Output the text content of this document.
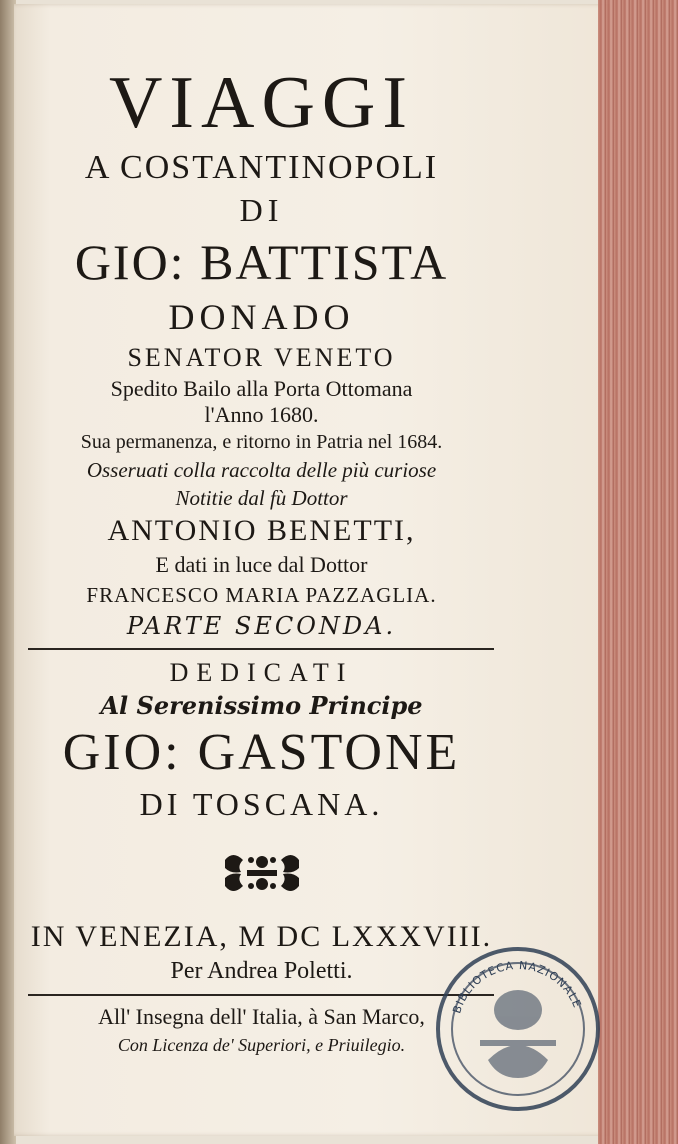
VIAGGI
A COSTANTINOPOLI
DI
GIO: BATTISTA
DONADO
SENATOR VENETO
Spedito Bailo alla Porta Ottomana
l'Anno 1680.
Sua permanenza, e ritorno in Patria nel 1684.
Osseruati colla raccolta delle più curiose
Notitie dal fù Dottor
ANTONIO BENETTI,
E dati in luce dal Dottor
FRANCESCO MARIA PAZZAGLIA.
PARTE SECONDA.
DEDICATI
Al Serenissimo Principe
GIO: GASTONE
DI TOSCANA.
IN VENEZIA, M DC LXXXVIII.
Per Andrea Poletti.
All' Insegna dell' Italia, à San Marco,
Con Licenza de' Superiori, e Priuilegio.
BIBLIOTECA NAZIONALE
